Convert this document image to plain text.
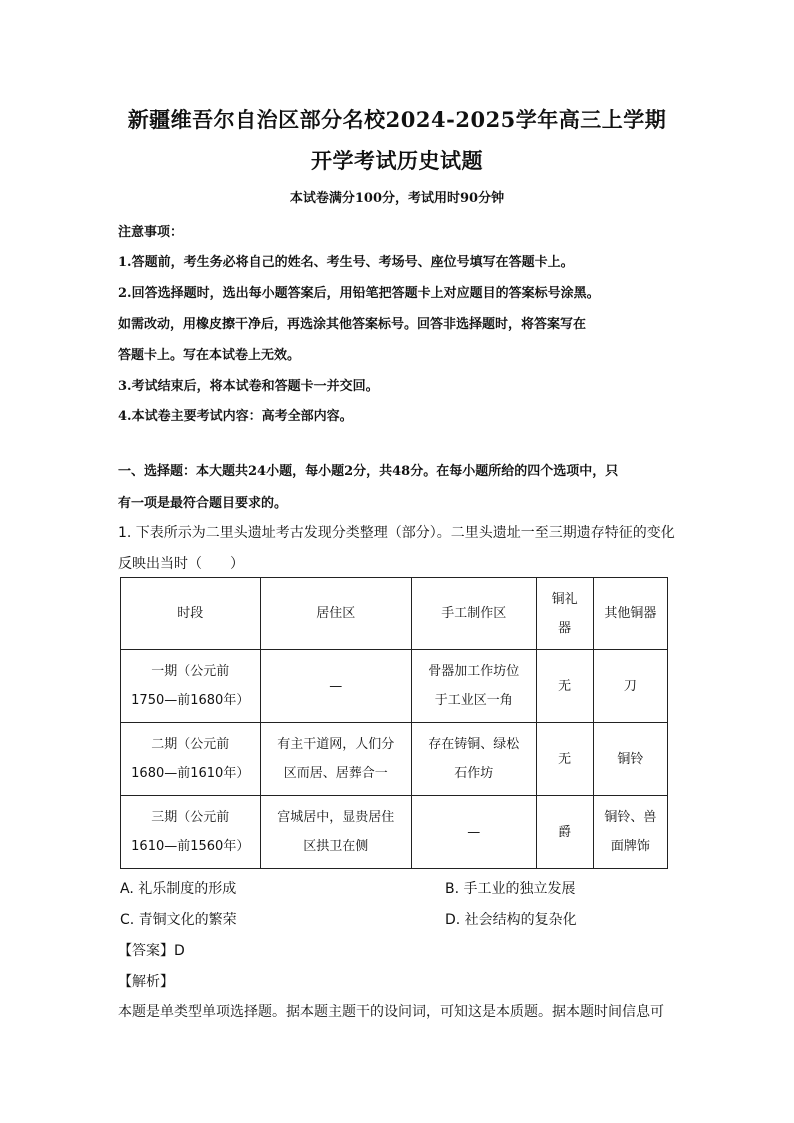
新疆维吾尔自治区部分名校2024-2025学年高三上学期
开学考试历史试题
本试卷满分100分，考试用时90分钟
注意事项：
1.答题前，考生务必将自己的姓名、考生号、考场号、座位号填写在答题卡上。
2.回答选择题时，选出每小题答案后，用铅笔把答题卡上对应题目的答案标号涂黑。
如需改动，用橡皮擦干净后，再选涂其他答案标号。回答非选择题时，将答案写在
答题卡上。写在本试卷上无效。
3.考试结束后，将本试卷和答题卡一并交回。
4.本试卷主要考试内容：高考全部内容。
一、选择题：本大题共24小题，每小题2分，共48分。在每小题所给的四个选项中，只
有一项是最符合题目要求的。
1. 下表所示为二里头遗址考古发现分类整理（部分）。二里头遗址一至三期遗存特征的变化
反映出当时（　　）
时段	居住区	手工制作区	铜礼
器	其他铜器

一期（公元前
1750—前1680年）	—	骨器加工作坊位
于工业区一角	无	刀

二期（公元前
1680—前1610年）	有主干道网，人们分
区而居、居葬合一	存在铸铜、绿松
石作坊	无	铜铃

三期（公元前
1610—前1560年）	宫城居中，显贵居住
区拱卫在侧	—	爵	铜铃、兽
面牌饰
A. 礼乐制度的形成	B. 手工业的独立发展
C. 青铜文化的繁荣	D. 社会结构的复杂化
【答案】D
【解析】
本题是单类型单项选择题。据本题主题干的设问词，可知这是本质题。据本题时间信息可
